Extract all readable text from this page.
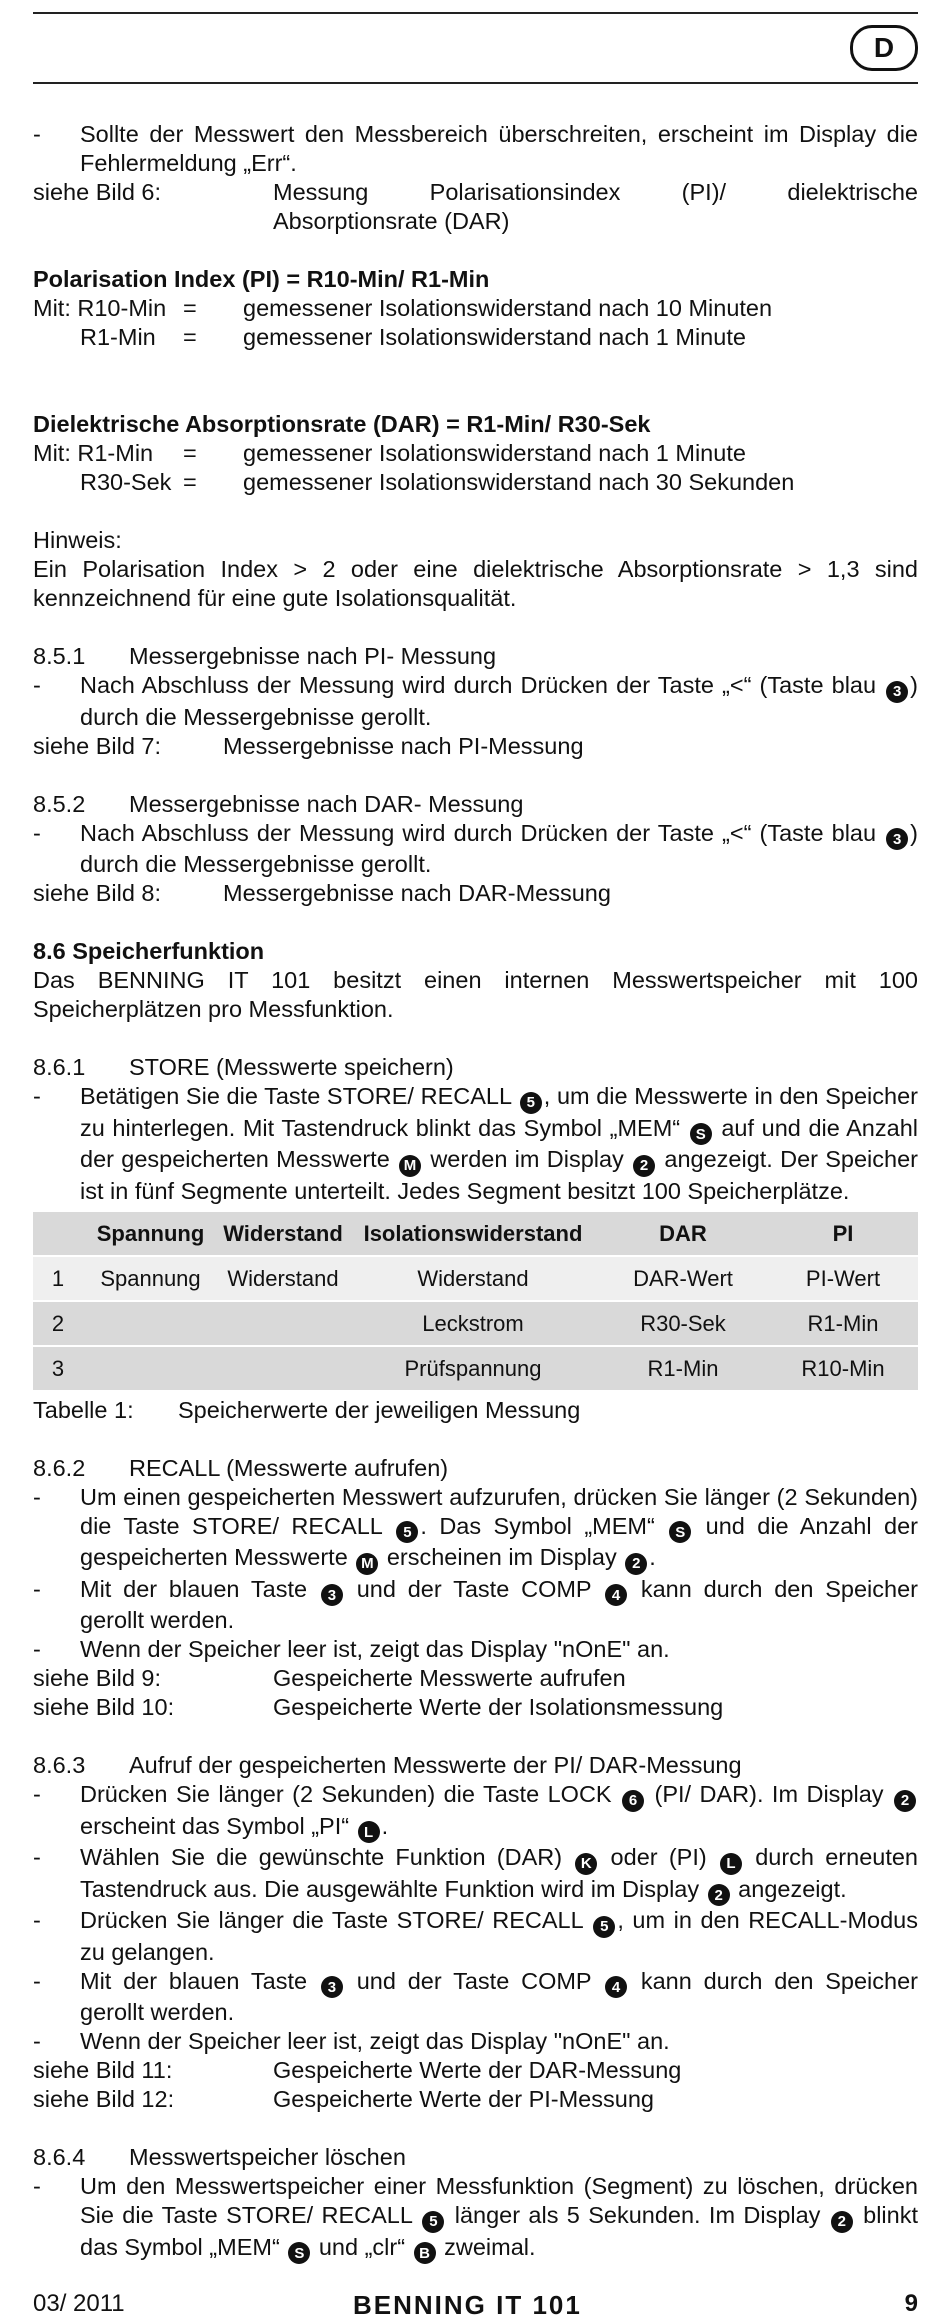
D
-	Sollte der Messwert den Messbereich überschreiten, erscheint im Display die Fehlermeldung „Err“.
siehe Bild 6:	Messung Polarisationsindex (PI)/ dielektrische
Absorptionsrate (DAR)

Polarisation Index (PI) = R10-Min/ R1-Min

Mit: R10-Min =	gemessener Isolationswiderstand nach 10 Minuten
R1-Min	=	gemessener Isolationswiderstand nach 1 Minute

Dielektrische Absorptionsrate (DAR) = R1-Min/ R30-Sek

Mit: R1-Min	=	gemessener Isolationswiderstand nach 1 Minute
R30-Sek =	gemessener Isolationswiderstand nach 30 Sekunden

Hinweis:

Ein Polarisation Index > 2 oder eine dielektrische Absorptionsrate > 1,3 sind kennzeichnend für eine gute Isolationsqualität.

8.5.1	Messergebnisse nach PI- Messung
-	Nach Abschluss der Messung wird durch Drücken der Taste „<“ (Taste blau 3 ) durch die Messergebnisse gerollt.
siehe Bild 7:	Messergebnisse nach PI-Messung
8.5.2	Messergebnisse nach DAR- Messung
-	Nach Abschluss der Messung wird durch Drücken der Taste „<“ (Taste blau 3 ) durch die Messergebnisse gerollt.
siehe Bild 8:	Messergebnisse nach DAR-Messung

8.6 Speicherfunktion

Das BENNING IT 101 besitzt einen internen Messwertspeicher mit 100 Speicherplätzen pro Messfunktion.

8.6.1	STORE (Messwerte speichern)
-	Betätigen Sie die Taste STORE/ RECALL 5 , um die Messwerte in den Speicher zu hinterlegen. Mit Tastendruck blinkt das Symbol „MEM“ S auf und die Anzahl der gespeicherten Messwerte M werden im Display 2 angezeigt. Der Speicher ist in fünf Segmente unterteilt. Jedes Segment besitzt 100 Speicherplätze.
	Spannung	Widerstand	Isolationswiderstand	DAR	PI
1	Spannung	Widerstand	Widerstand	DAR-Wert	PI-Wert
2			Leckstrom	R30-Sek	R1-Min
3			Prüfspannung	R1-Min	R10-Min
Tabelle 1:	Speicherwerte der jeweiligen Messung
8.6.2	RECALL (Messwerte aufrufen)
-	Um einen gespeicherten Messwert aufzurufen, drücken Sie länger (2 Sekunden) die Taste STORE/ RECALL 5 . Das Symbol „MEM“ S und die Anzahl der gespeicherten Messwerte M erscheinen im Display 2 .
-	Mit der blauen Taste 3 und der Taste COMP 4 kann durch den Speicher gerollt werden.
-	Wenn der Speicher leer ist, zeigt das Display "nOnE" an.
siehe Bild 9:	Gespeicherte Messwerte aufrufen
siehe Bild 10:	Gespeicherte Werte der Isolationsmessung
8.6.3	Aufruf der gespeicherten Messwerte der PI/ DAR-Messung
-	Drücken Sie länger (2 Sekunden) die Taste LOCK 6 (PI/ DAR). Im Display 2 erscheint das Symbol „PI“ L .
-	Wählen Sie die gewünschte Funktion (DAR) K oder (PI) L durch erneuten Tastendruck aus. Die ausgewählte Funktion wird im Display 2 angezeigt.
-	Drücken Sie länger die Taste STORE/ RECALL 5 , um in den RECALL-Modus zu gelangen.
-	Mit der blauen Taste 3 und der Taste COMP 4 kann durch den Speicher gerollt werden.
-	Wenn der Speicher leer ist, zeigt das Display "nOnE" an.
siehe Bild 11:	Gespeicherte Werte der DAR-Messung
siehe Bild 12:	Gespeicherte Werte der PI-Messung
8.6.4	Messwertspeicher löschen
-	Um den Messwertspeicher einer Messfunktion (Segment) zu löschen, drücken Sie die Taste STORE/ RECALL 5 länger als 5 Sekunden. Im Display 2 blinkt das Symbol „MEM“ S und „clr“ B zweimal.
03/ 2011	BENNING IT 101	9
